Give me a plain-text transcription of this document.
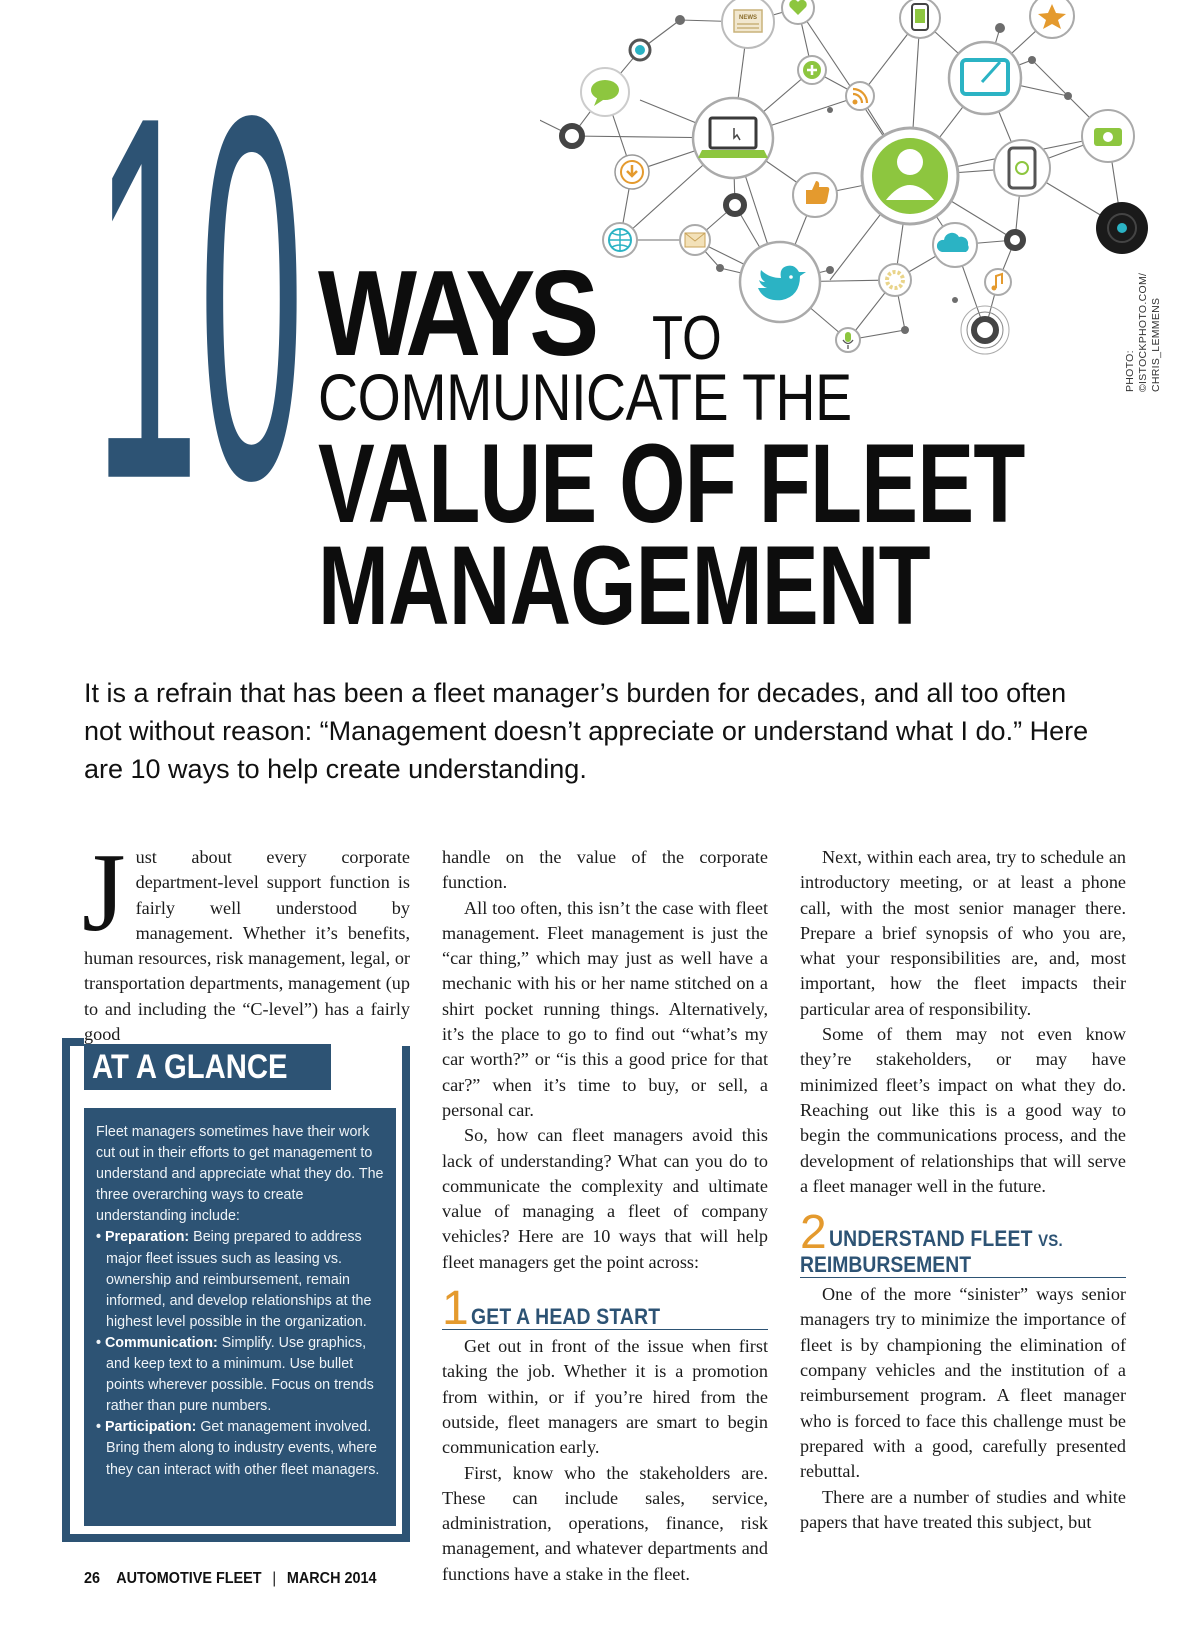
NEWS
PHOTO: ©ISTOCKPHOTO.COM/ CHRIS_LEMMENS
10 WAYS TO
COMMUNICATE THE
VALUE OF FLEET
MANAGEMENT

It is a refrain that has been a fleet manager’s burden for decades, and all too often not without reason: “Management doesn’t appreciate or understand what I do.” Here are 10 ways to help create understanding.

J ust about every corporate department-level support function is fairly well understood by management. Whether it’s benefits, human resources, risk management, legal, or transportation departments, management (up to and including the “C-level”) has a fairly good

AT A GLANCE

Fleet managers sometimes have their work cut out in their efforts to get management to understand and appreciate what they do. The three overarching ways to create understanding include:

• Preparation: Being prepared to address major fleet issues such as leasing vs. ownership and reimbursement, remain informed, and develop relationships at the highest level possible in the organization.
• Communication: Simplify. Use graphics, and keep text to a minimum. Use bullet points wherever possible. Focus on trends rather than pure numbers.
• Participation: Get management involved. Bring them along to industry events, where they can interact with other fleet managers.

handle on the value of the corporate function.

All too often, this isn’t the case with fleet management. Fleet management is just the “car thing,” which may just as well have a mechanic with his or her name stitched on a shirt pocket running things. Alternatively, it’s the place to go to find out “what’s my car worth?” or “is this a good price for that car?” when it’s time to buy, or sell, a personal car.

So, how can fleet managers avoid this lack of understanding? What can you do to communicate the complexity and ultimate value of managing a fleet of company vehicles? Here are 10 ways that will help fleet managers get the point across:

1 GET A HEAD START

Get out in front of the issue when first taking the job. Whether it is a promotion from within, or if you’re hired from the outside, fleet managers are smart to begin communication early.

First, know who the stakeholders are. These can include sales, service, administration, operations, finance, risk management, and whatever departments and functions have a stake in the fleet.

Next, within each area, try to schedule an introductory meeting, or at least a phone call, with the most senior manager there. Prepare a brief synopsis of who you are, what your responsibilities are, and, most important, how the fleet impacts their particular area of responsibility.

Some of them may not even know they’re stakeholders, or may have minimized fleet’s impact on what they do. Reaching out like this is a good way to begin the communications process, and the development of relationships that will serve a fleet manager well in the future.

2 UNDERSTAND FLEET VS.
REIMBURSEMENT

One of the more “sinister” ways senior managers try to minimize the importance of fleet is by championing the elimination of company vehicles and the institution of a reimbursement program. A fleet manager who is forced to face this challenge must be prepared with a good, carefully presented rebuttal.

There are a number of studies and white papers that have treated this subject, but

26 AUTOMOTIVE FLEET | MARCH 2014
